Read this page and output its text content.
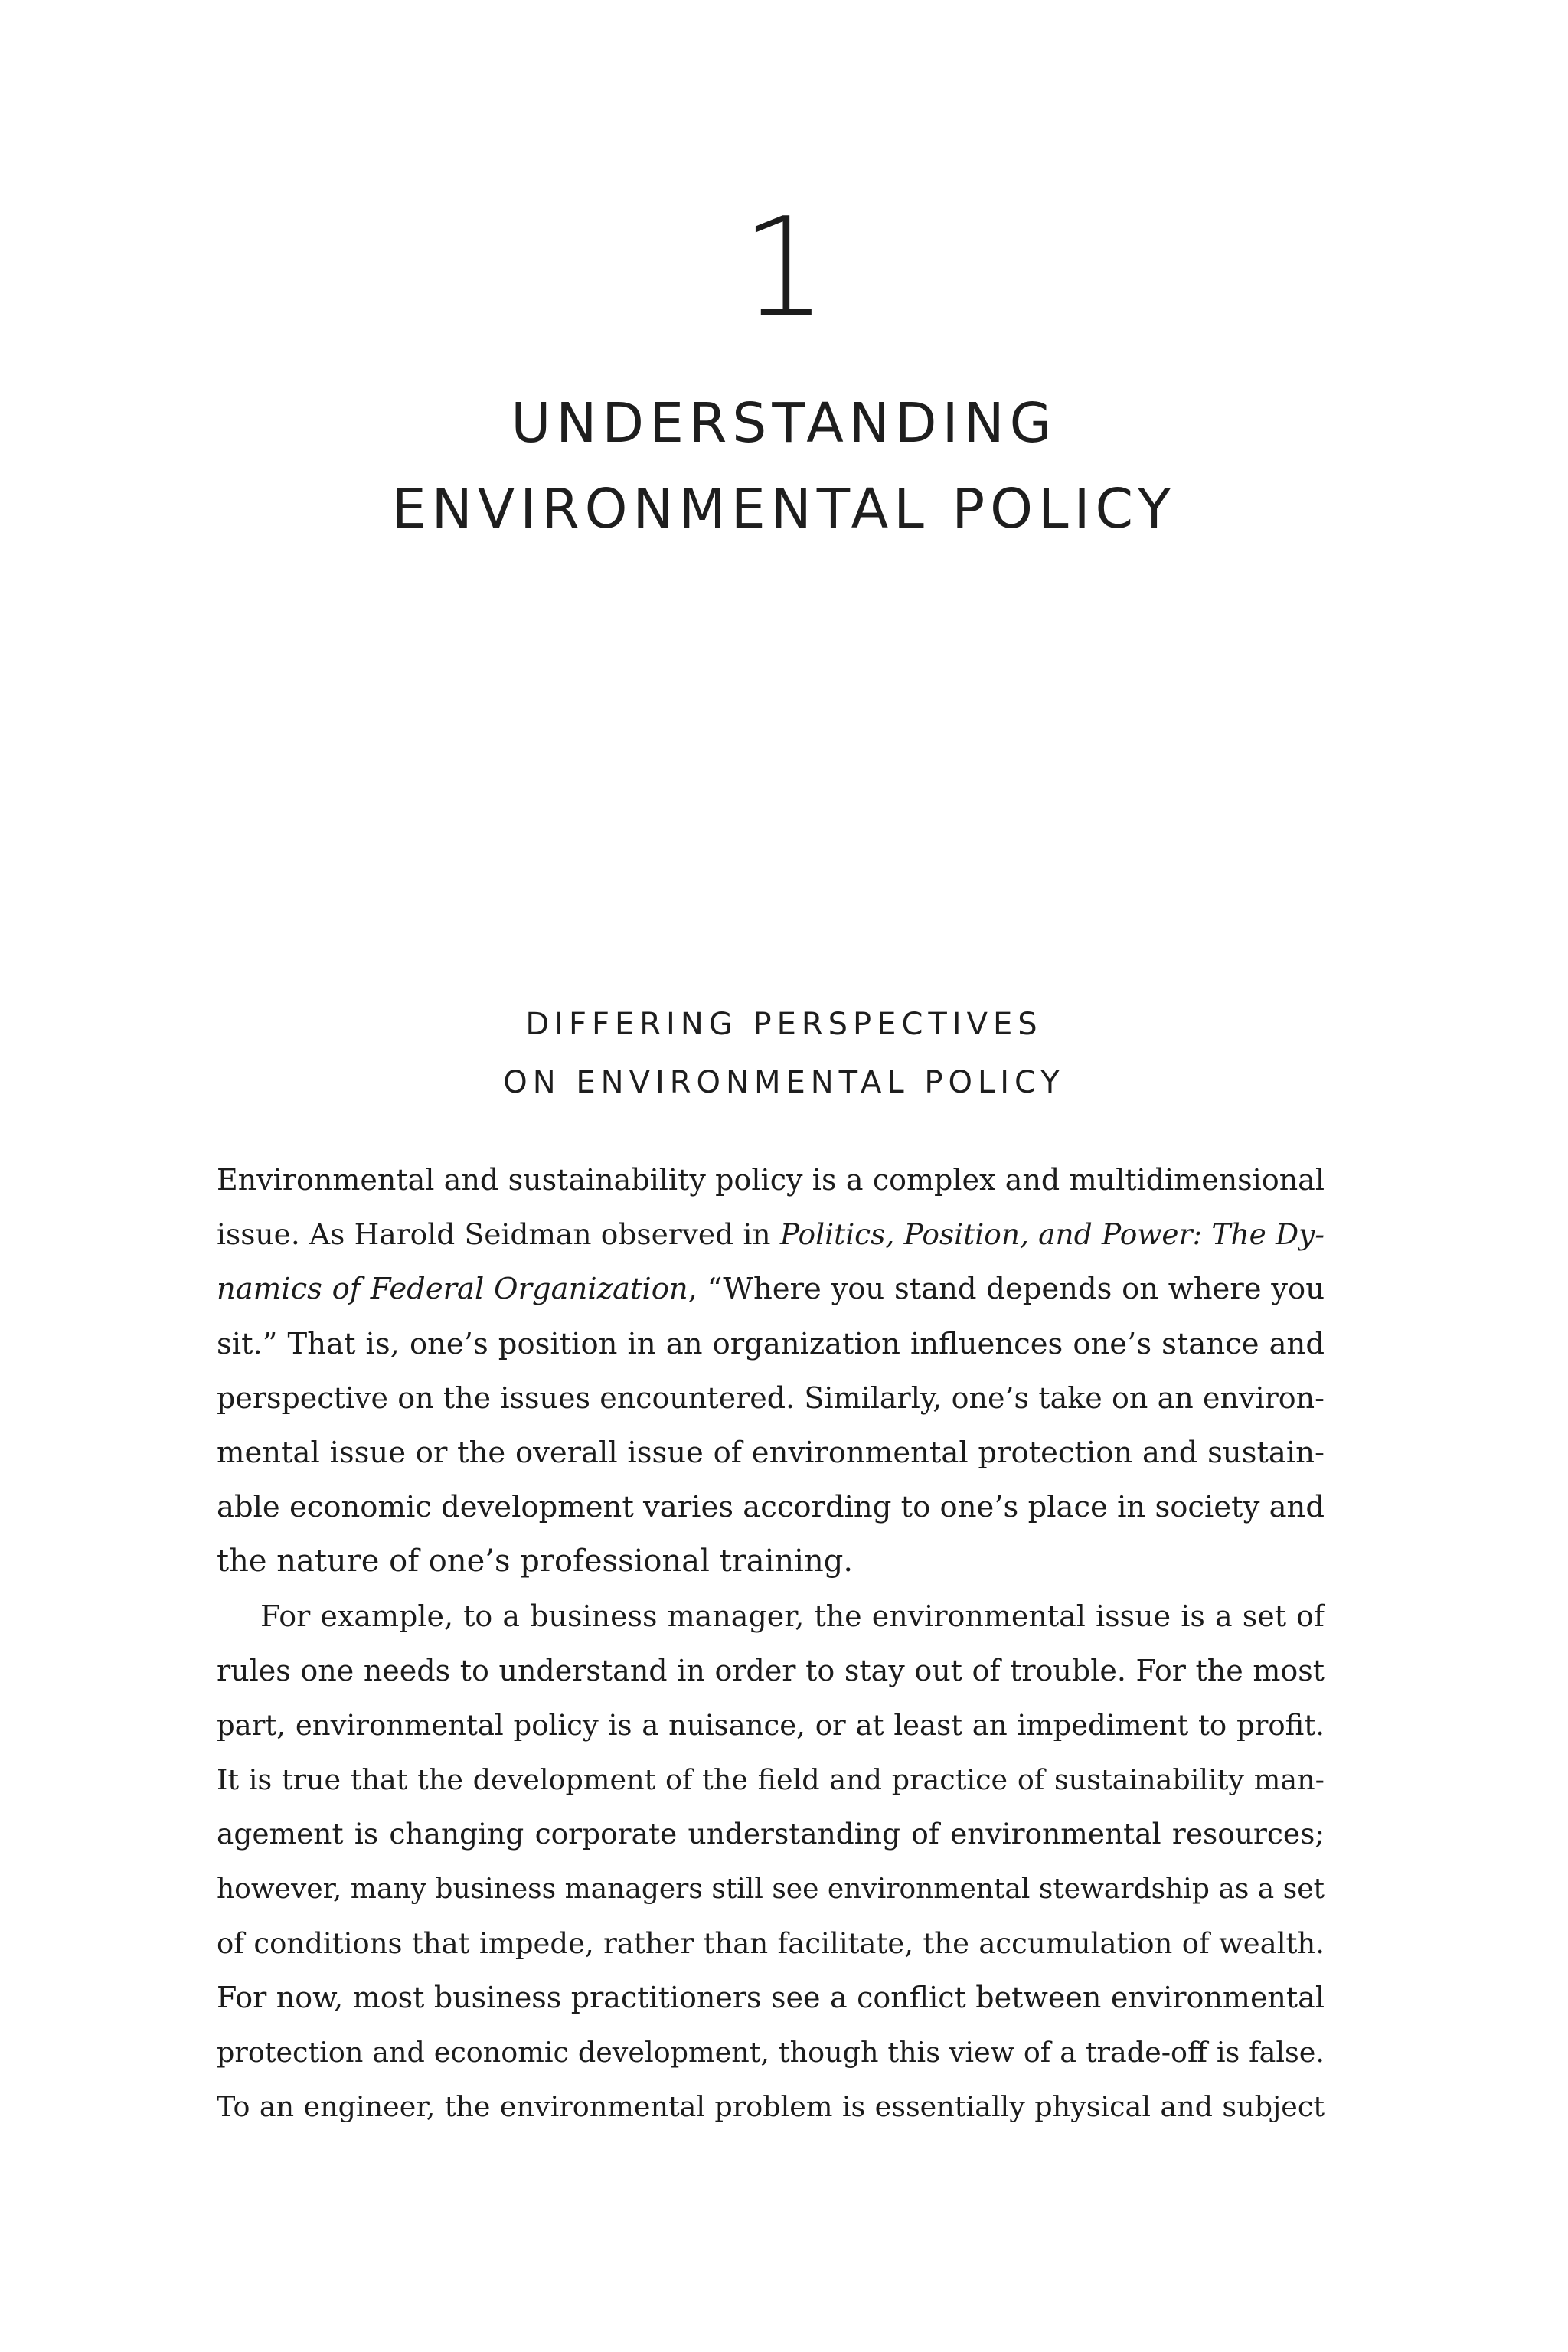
1
UNDERSTANDING
ENVIRONMENTAL POLICY
DIFFERING PERSPECTIVES
ON ENVIRONMENTAL POLICY
Environmental and sustainability policy is a complex and multidimensional
issue. As Harold Seidman observed in Politics, Position, and Power: The Dy-
namics of Federal Organization, “Where you stand depends on where you
sit.” That is, one’s position in an organization influences one’s stance and
perspective on the issues encountered. Similarly, one’s take on an environ-
mental issue or the overall issue of environmental protection and sustain-
able economic development varies according to one’s place in society and
the nature of one’s professional training.
For example, to a business manager, the environmental issue is a set of
rules one needs to understand in order to stay out of trouble. For the most
part, environmental policy is a nuisance, or at least an impediment to profit.
It is true that the development of the field and practice of sustainability man-
agement is changing corporate understanding of environmental resources;
however, many business managers still see environmental stewardship as a set
of conditions that impede, rather than facilitate, the accumulation of wealth.
For now, most business practitioners see a conflict between environmental
protection and economic development, though this view of a trade-off is false.
To an engineer, the environmental problem is essentially physical and subject
